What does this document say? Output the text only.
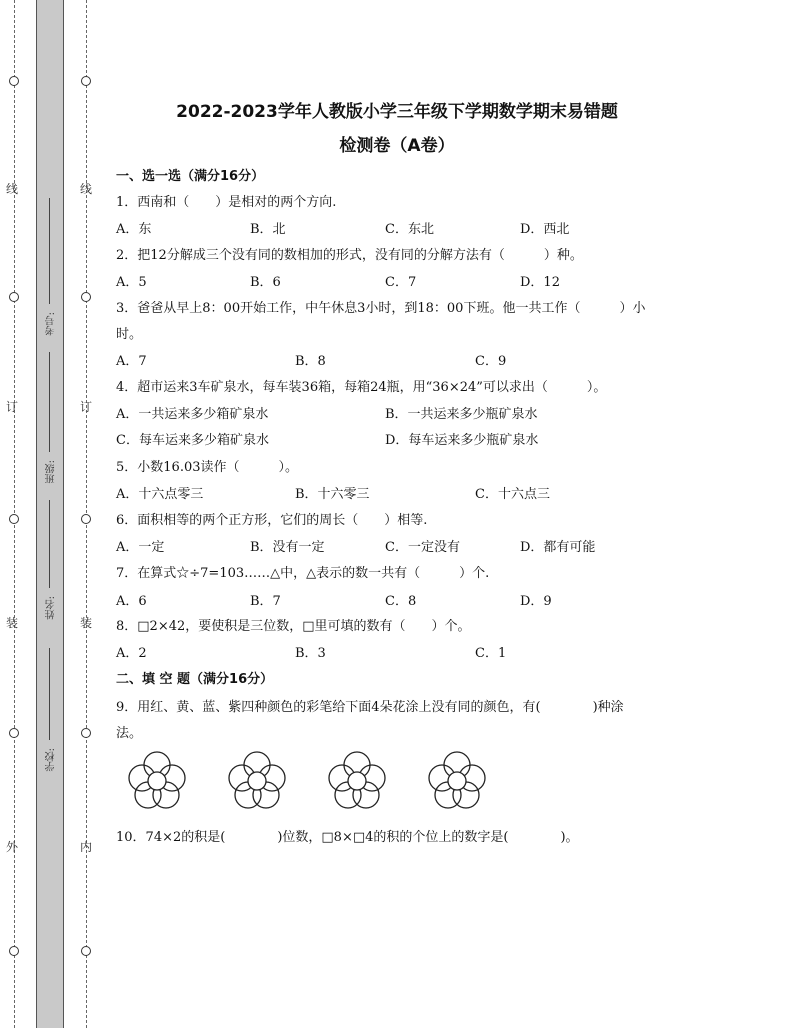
线
订
装
外
线
订
装
内
考号:
班级:
姓名:
学校:
2022-2023学年人教版小学三年级下学期数学期末易错题
检测卷（A卷）
一、选一选（满分16分）
1．西南和（　　）是相对的两个方向.
A．东	B．北	C．东北	D．西北
2．把12分解成三个没有同的数相加的形式，没有同的分解方法有（　　　）种。
A．5	B．6	C．7	D．12
3．爸爸从早上8：00开始工作，中午休息3小时，到18：00下班。他一共工作（　　　）小
时。
A．7	B．8	C．9
4．超市运来3车矿泉水，每车装36箱，每箱24瓶，用“36×24”可以求出（　　　）。
A．一共运来多少箱矿泉水	B．一共运来多少瓶矿泉水
C．每车运来多少箱矿泉水	D．每车运来多少瓶矿泉水
5．小数16.03读作（　　　）。
A．十六点零三	B．十六零三	C．十六点三
6．面积相等的两个正方形，它们的周长（　　）相等.
A．一定	B．没有一定	C．一定没有	D．都有可能
7．在算式☆÷7=103……△中，△表示的数一共有（　　　）个.
A．6	B．7	C．8	D．9
8．□2×42，要使积是三位数，□里可填的数有（　　）个。
A．2	B．3	C．1
二、填 空 题（满分16分）
9．用红、黄、蓝、紫四种颜色的彩笔给下面4朵花涂上没有同的颜色，有(　　　　)种涂
法。
10．74×2的积是(　　　　)位数，□8×□4的积的个位上的数字是(　　　　)。
